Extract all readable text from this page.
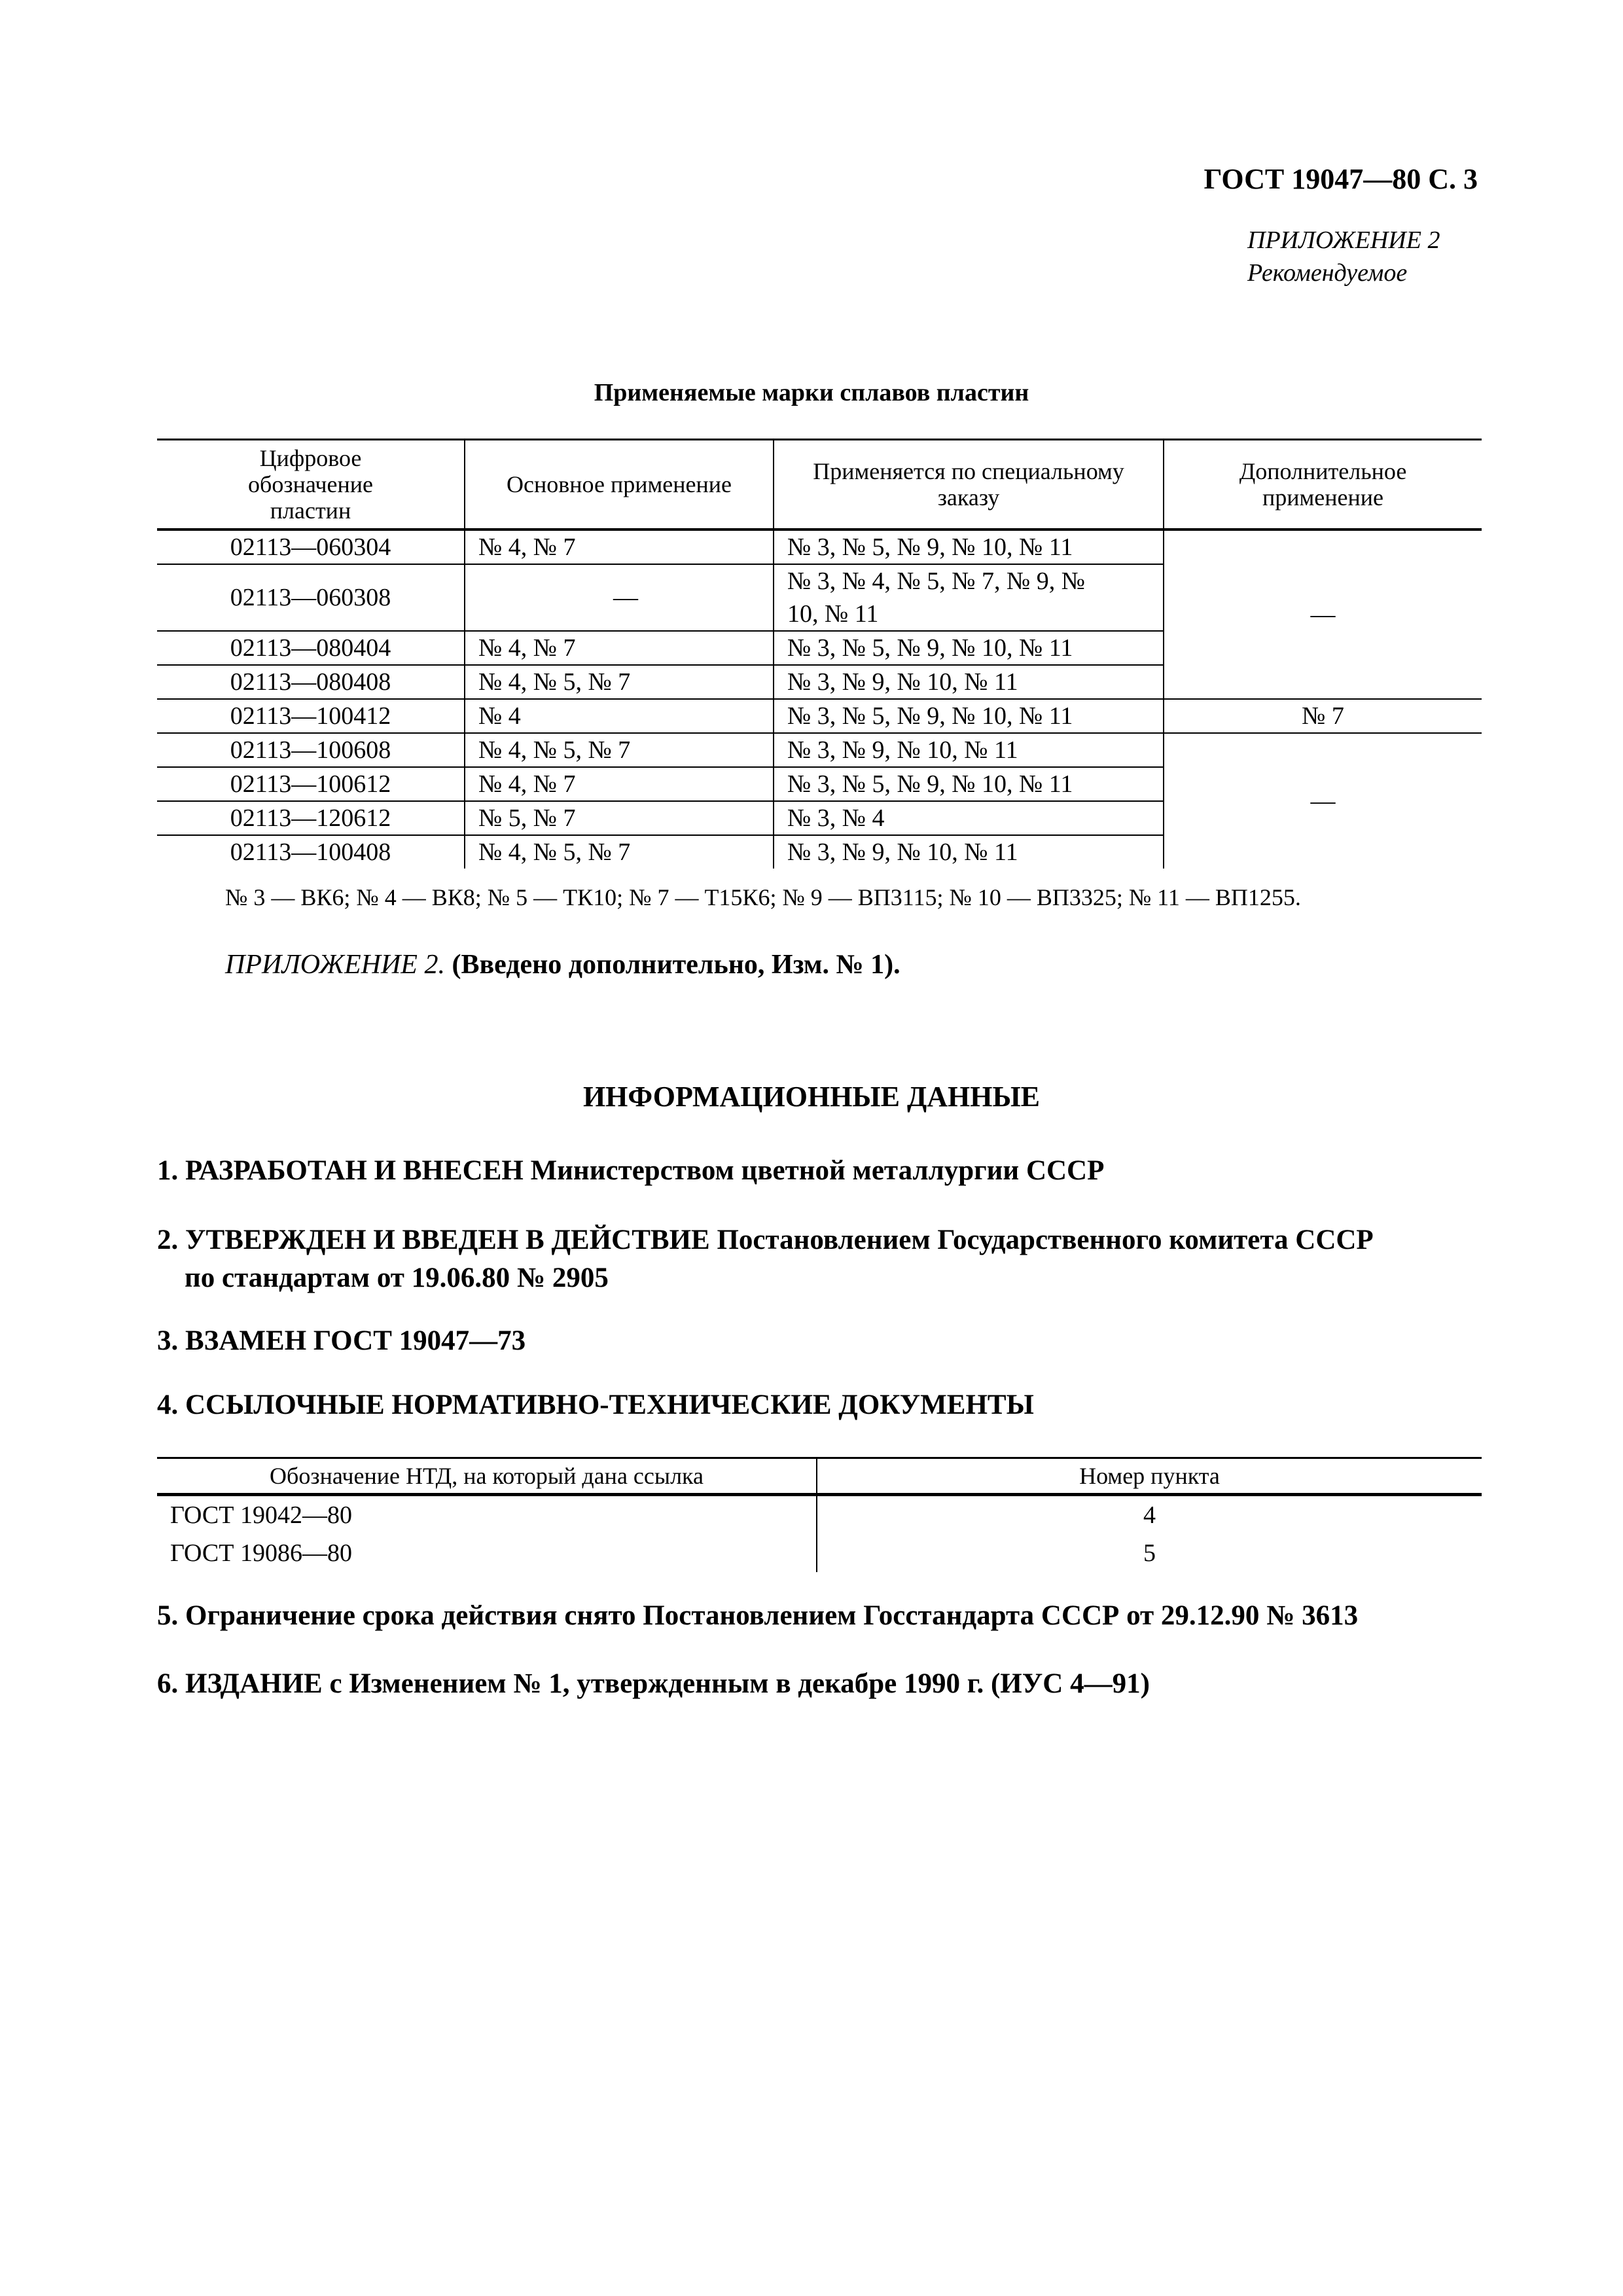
ГОСТ 19047—80 С. 3
ПРИЛОЖЕНИЕ 2
Рекомендуемое
Применяемые марки сплавов пластин
Цифровое обозначение пластин	Основное применение	Применяется по специальному заказу	Дополнительное применение

02113—060304	№ 4, № 7	№ 3, № 5, № 9, № 10, № 11	—
02113—060308	—	№ 3, № 4, № 5, № 7, № 9, № 10, № 11	

02113—080404	№ 4, № 7	№ 3, № 5, № 9, № 10, № 11	
02113—080408	№ 4, № 5, № 7	№ 3, № 9, № 10, № 11	
02113—100412	№ 4	№ 3, № 5, № 9, № 10, № 11	№ 7
02113—100608	№ 4, № 5, № 7	№ 3, № 9, № 10, № 11	—
02113—100612	№ 4, № 7	№ 3, № 5, № 9, № 10, № 11	
02113—120612	№ 5, № 7	№ 3, № 4	
02113—100408	№ 4, № 5, № 7	№ 3, № 9, № 10, № 11	
№ 3 — ВК6; № 4 — ВК8; № 5 — ТК10; № 7 — Т15К6; № 9 — ВП3115; № 10 — ВП3325; № 11 — ВП1255.
ПРИЛОЖЕНИЕ 2. (Введено дополнительно, Изм. № 1).
ИНФОРМАЦИОННЫЕ ДАННЫЕ
1. РАЗРАБОТАН И ВНЕСЕН Министерством цветной металлургии СССР
2. УТВЕРЖДЕН И ВВЕДЕН В ДЕЙСТВИЕ Постановлением Государственного комитета СССР
по стандартам от 19.06.80 № 2905
3. ВЗАМЕН ГОСТ 19047—73
4. ССЫЛОЧНЫЕ НОРМАТИВНО-ТЕХНИЧЕСКИЕ ДОКУМЕНТЫ
Обозначение НТД, на который дана ссылка	Номер пункта
ГОСТ 19042—80	4
ГОСТ 19086—80	5
5. Ограничение срока действия снято Постановлением Госстандарта СССР от 29.12.90 № 3613
6. ИЗДАНИЕ с Изменением № 1, утвержденным в декабре 1990 г. (ИУС 4—91)
